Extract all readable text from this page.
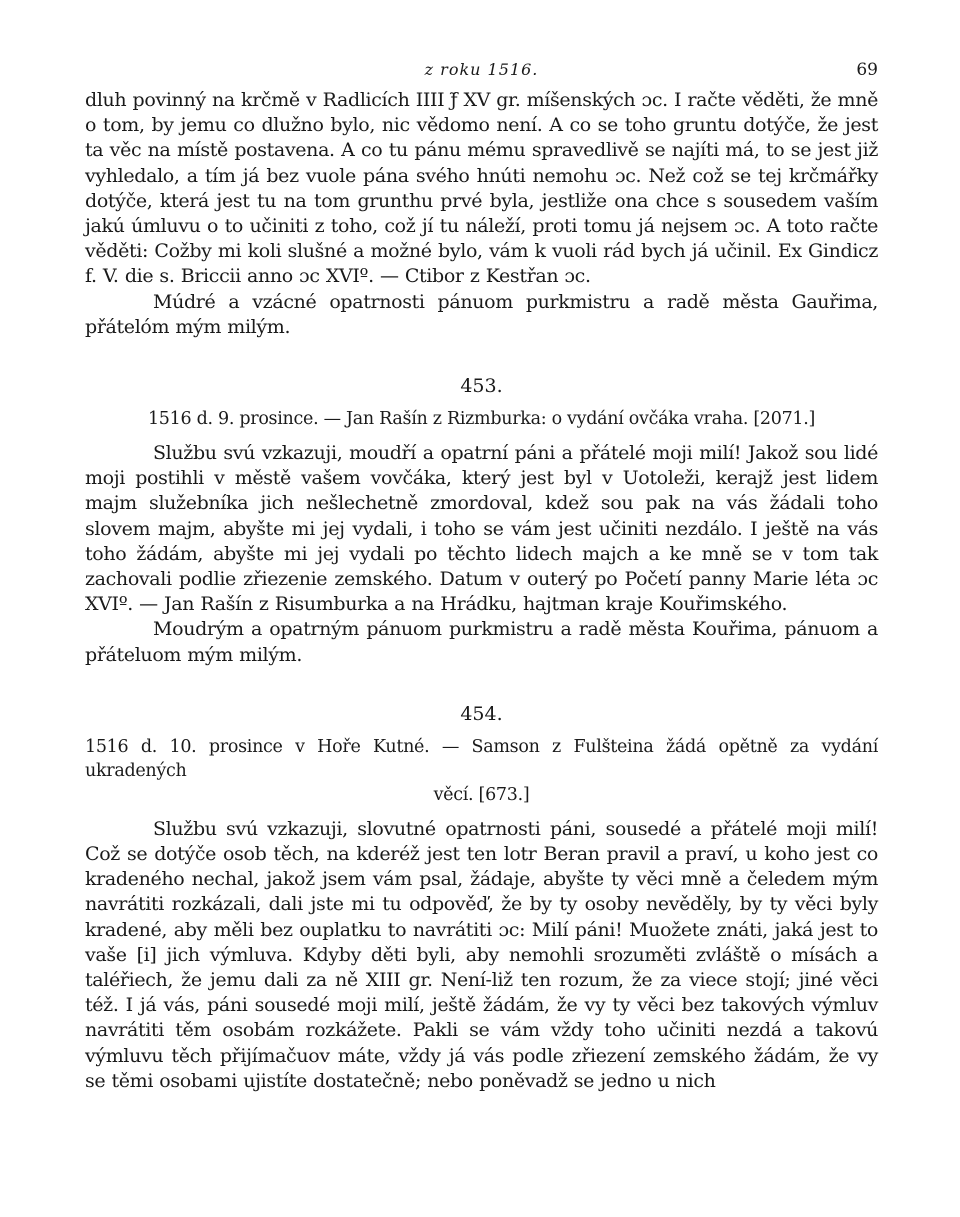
z roku 1516.	69

dluh povinný na krčmě v Radlicích IIII ƒ̃ XV gr. míšenských ɔc. I račte věděti, že mně o tom, by jemu co dlužno bylo, nic vědomo není. A co se toho gruntu dotýče, že jest ta věc na místě postavena. A co tu pánu mému spravedlivě se najíti má, to se jest již vyhledalo, a tím já bez vuole pána svého hnúti nemohu ɔc. Než což se tej krčmářky dotýče, která jest tu na tom grunthu prvé byla, jestliže ona chce s sousedem vaším jakú úmluvu o to učiniti z toho, což jí tu náleží, proti tomu já nejsem ɔc. A toto račte věděti: Cožby mi koli slušné a možné bylo, vám k vuoli rád bych já učinil. Ex Gindicz f. V. die s. Briccii anno ɔc XVIº. — Ctibor z Kestřan ɔc.

Múdré a vzácné opatrnosti pánuom purkmistru a radě města Gauřima, přátelóm mým milým.

453.
1516 d. 9. prosince. — Jan Rašín z Rizmburka: o vydání ovčáka vraha. [2071.]

Službu svú vzkazuji, moudří a opatrní páni a přátelé moji milí! Jakož sou lidé moji postihli v městě vašem vovčáka, který jest byl v Uotoleži, kerajž jest lidem majm služebníka jich nešlechetně zmordoval, kdež sou pak na vás žádali toho slovem majm, abyšte mi jej vydali, i toho se vám jest učiniti nezdálo. I ještě na vás toho žádám, abyšte mi jej vydali po těchto lidech majch a ke mně se v tom tak zachovali podlie zřiezenie zemského. Datum v outerý po Početí panny Marie léta ɔc XVIº. — Jan Rašín z Risumburka a na Hrádku, hajtman kraje Kouřimského.

Moudrým a opatrným pánuom purkmistru a radě města Kouřima, pánuom a přáteluom mým milým.

454.
1516 d. 10. prosince v Hoře Kutné. — Samson z Fulšteina žádá opětně za vydání ukradených
věcí. [673.]

Službu svú vzkazuji, slovutné opatrnosti páni, sousedé a přátelé moji milí! Což se dotýče osob těch, na kderéž jest ten lotr Beran pravil a praví, u koho jest co kradeného nechal, jakož jsem vám psal, žádaje, abyšte ty věci mně a čeledem mým navrátiti rozkázali, dali jste mi tu odpověď, že by ty osoby nevěděly, by ty věci byly kradené, aby měli bez ouplatku to navrátiti ɔc: Milí páni! Muožete znáti, jaká jest to vaše [i] jich výmluva. Kdyby děti byli, aby nemohli srozuměti zvláště o mísách a taléřiech, že jemu dali za ně XIII gr. Není-liž ten rozum, že za viece stojí; jiné věci též. I já vás, páni sousedé moji milí, ještě žádám, že vy ty věci bez takových výmluv navrátiti těm osobám rozkážete. Pakli se vám vždy toho učiniti nezdá a takovú výmluvu těch přijímačuov máte, vždy já vás podle zřiezení zemského žádám, že vy se těmi osobami ujistíte dostatečně; nebo poněvadž se jedno u nich
